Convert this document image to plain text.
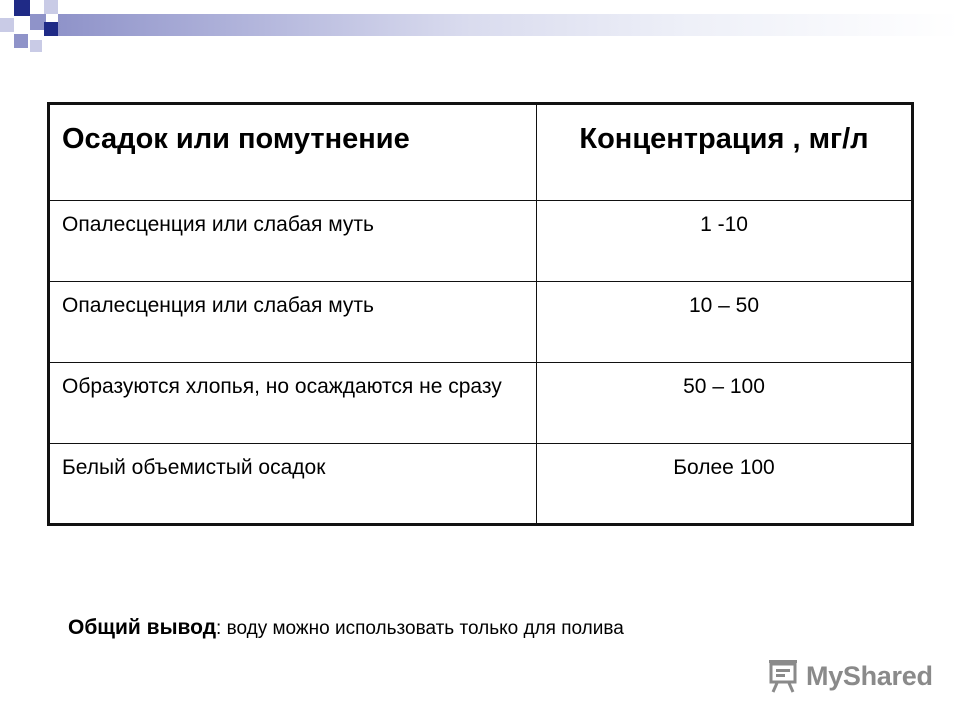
Осадок или помутнение	Концентрация , мг/л
Опалесценция или слабая муть	1 -10
Опалесценция или слабая муть	10 – 50
Образуются хлопья, но осаждаются не сразу	50 – 100
Белый объемистый осадок	Более 100
Общий вывод: воду можно использовать только для полива
MyShared
